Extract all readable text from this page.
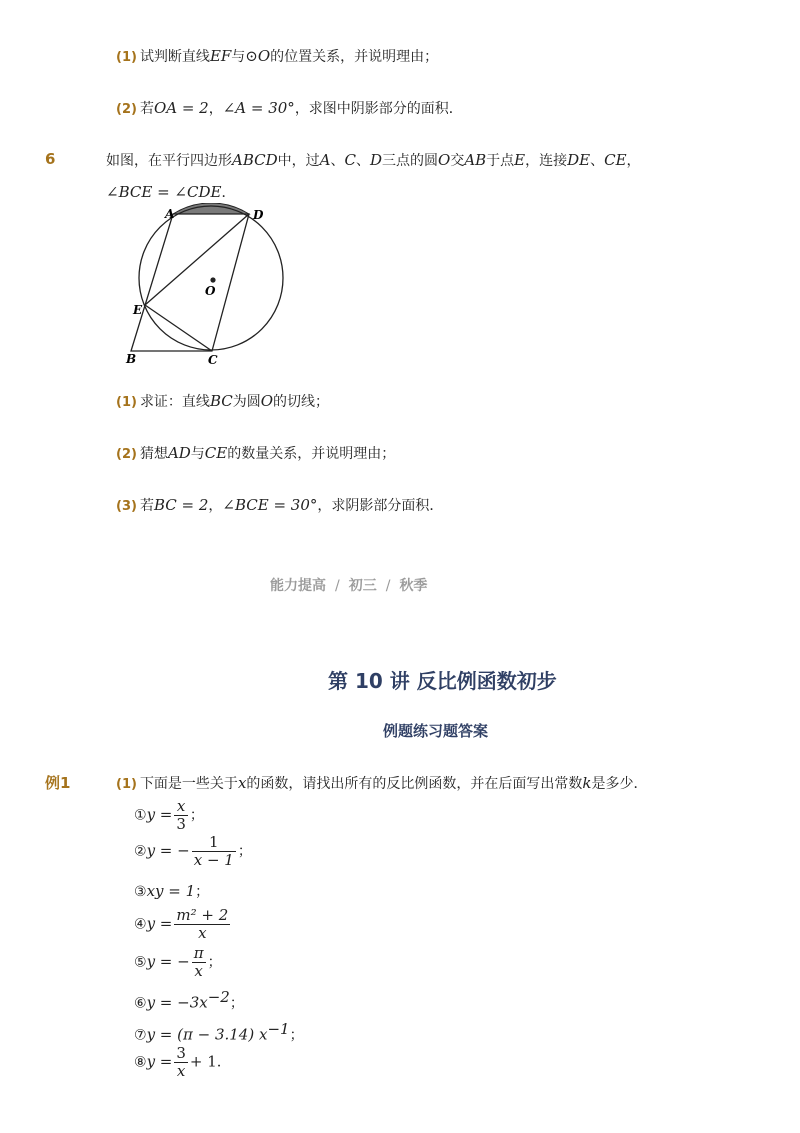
(1) 试判断直线EF与⊙O的位置关系，并说明理由；
(2) 若OA = 2，∠A = 30°，求图中阴影部分的面积．
6	如图，在平行四边形ABCD中，过A、C、D三点的圆O交AB于点E，连接DE、CE，
∠BCE = ∠CDE．
A	D
O
E
B	C
(1) 求证：直线BC为圆O的切线；
(2) 猜想AD与CE的数量关系，并说明理由；
(3) 若BC = 2，∠BCE = 30°，求阴影部分面积．
能力提高 / 初三 / 秋季
第 10 讲 反比例函数初步
例题练习题答案
例1	(1) 下面是一些关于x的函数，请找出所有的反比例函数，并在后面写出常数k是多少．
①y = $\frac{x}{3}$ ；
②y = − $\frac{1}{x - 1}$ ；
③xy = 1；
④y = $\frac{\text{m² + 2}}{x}$
⑤y = − $\frac{\pi}{x}$ ；
⑥y = $-3x^{-2}$；
⑦y = (π − 3.14) $x^{-1}$；
⑧y = $\frac{3}{x} + 1$．
